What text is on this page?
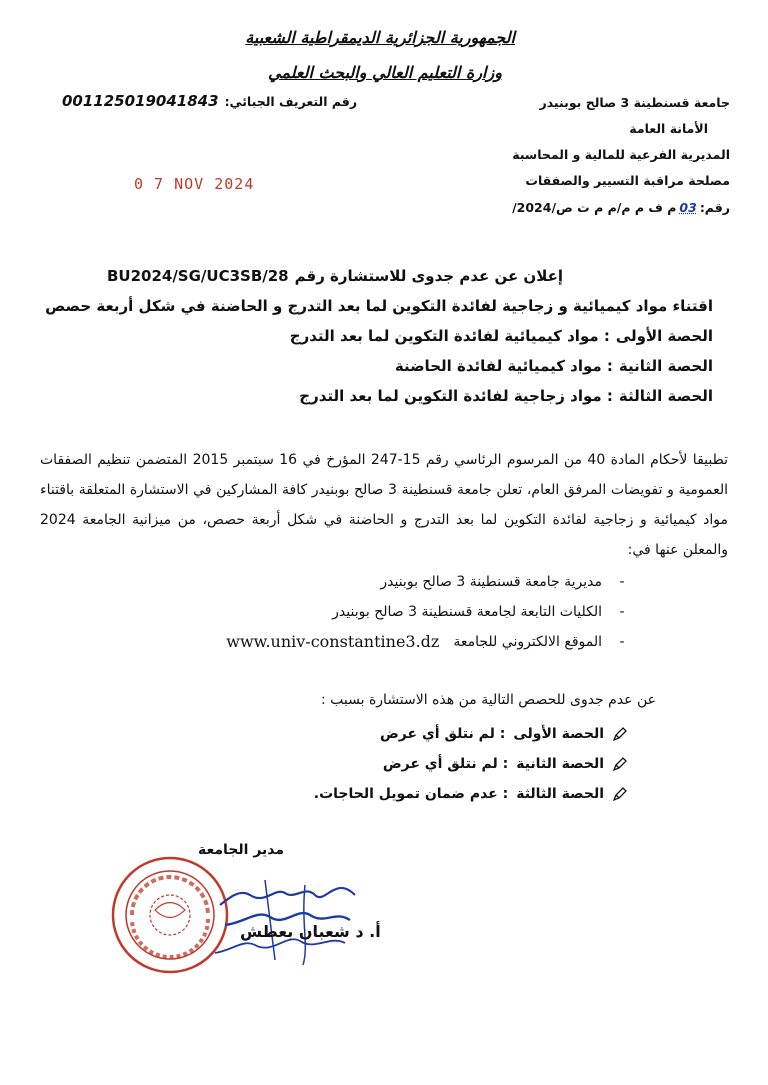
الجمهورية الجزائرية الديمقراطية الشعبية
وزارة التعليم العالي والبحث العلمي
جامعة قسنطينة 3 صالح بوبنيدر
الأمانة العامة
المديرية الفرعية للمالية و المحاسبة
مصلحة مراقبة التسيير والصفقات
رقم:
03
/م ف م م/م م ت ص/2024
رقم التعريف الجبائي:
001125019041843
0 7 NOV 2024
إعلان عن عدم جدوى للاستشارة رقم
BU2024/SG/UC3SB/28
اقتناء مواد كيميائية و زجاجية لفائدة التكوين لما بعد التدرج و الحاضنة في شكل أربعة حصص
الحصة الأولى
: مواد كيميائية لفائدة التكوين لما بعد التدرج
الحصة الثانية
: مواد كيميائية لفائدة الحاضنة
الحصة الثالثة
: مواد زجاجية لفائدة التكوين لما بعد التدرج
تطبيقا لأحكام المادة 40 من المرسوم الرئاسي رقم 15-247 المؤرخ في 16 سبتمبر 2015 المتضمن تنظيم الصفقات العمومية و تفويضات المرفق العام، تعلن جامعة قسنطينة 3 صالح بوبنيدر كافة المشاركين في الاستشارة المتعلقة باقتناء مواد كيميائية و زجاجية لفائدة التكوين لما بعد التدرج و الحاضنة في شكل أربعة حصص، من ميزانية الجامعة 2024 والمعلن عنها في:
-
مديرية جامعة قسنطينة 3 صالح بوبنيدر
-
الكليات التابعة لجامعة قسنطينة 3 صالح بوبنيدر
-
الموقع الالكتروني للجامعة
www.univ-constantine3.dz
عن عدم جدوى للحصص التالية من هذه الاستشارة بسبب :
الحصة الأولى
: لم نتلق أي عرض
الحصة الثانية
: لم نتلق أي عرض
الحصة الثالثة
: عدم ضمان تمويل الحاجات.
مدير الجامعة
أ. د شعبان بعطش
